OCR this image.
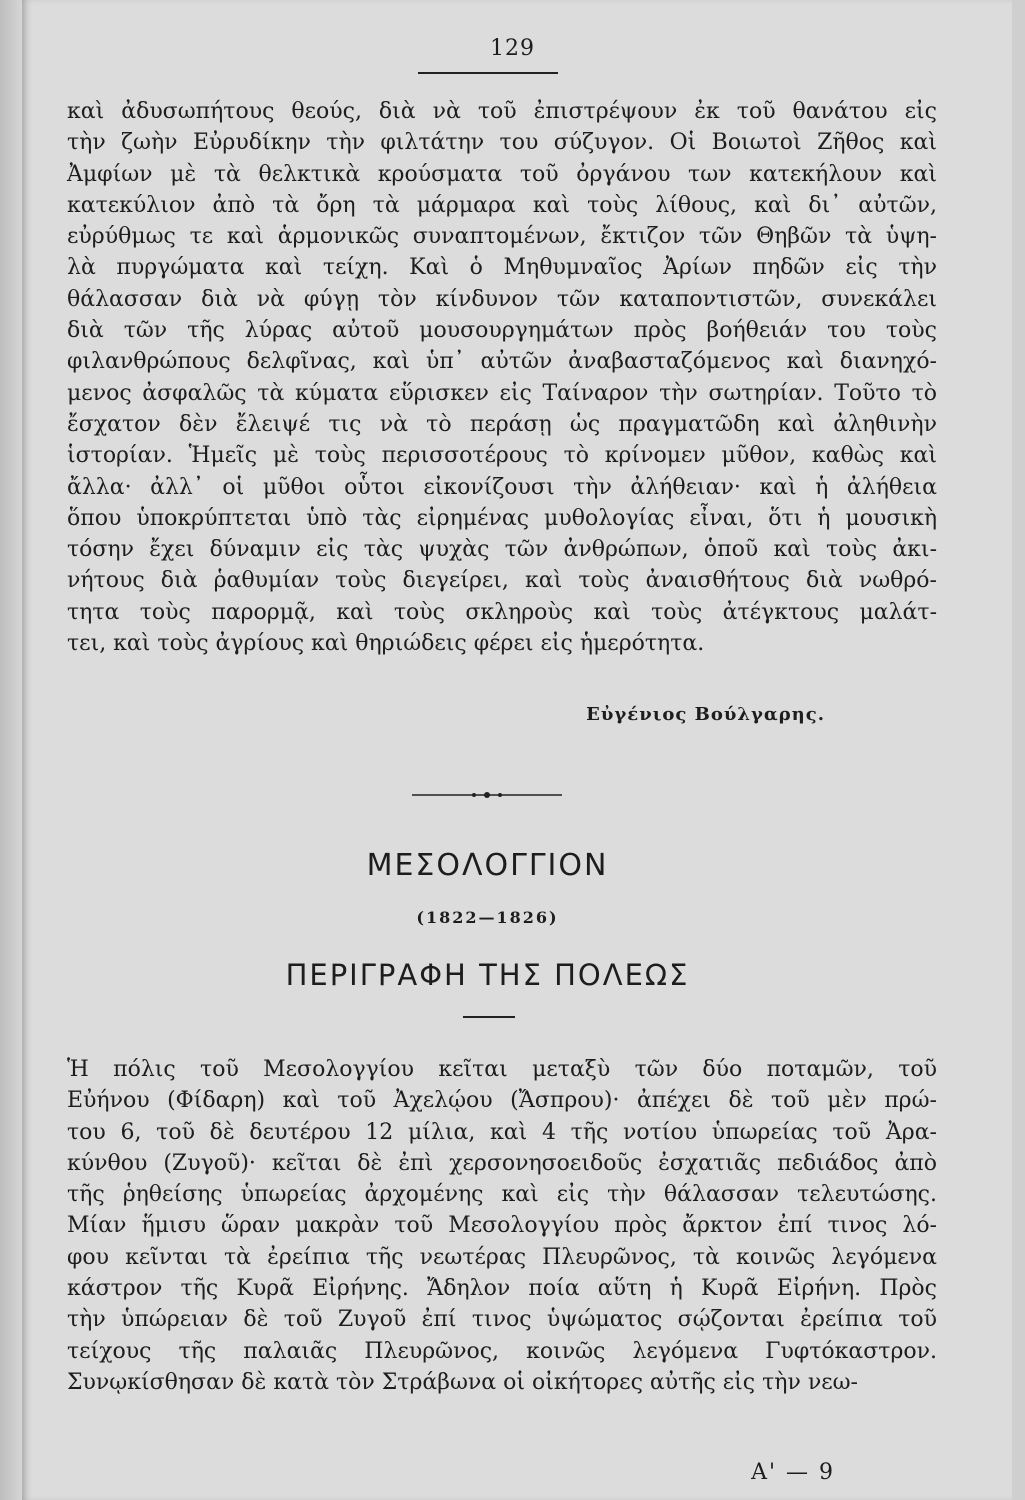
129
καὶ ἀδυσωπήτους θεούς, διὰ νὰ τοῦ ἐπιστρέψουν ἐκ τοῦ θανάτου εἰς
τὴν ζωὴν Εὐρυδίκην τὴν φιλτάτην του σύζυγον. Οἱ Βοιωτοὶ Ζῆθος καὶ
Ἀμφίων μὲ τὰ θελκτικὰ κρούσματα τοῦ ὀργάνου των κατεκήλουν καὶ
κατεκύλιον ἀπὸ τὰ ὄρη τὰ μάρμαρα καὶ τοὺς λίθους, καὶ δι᾽ αὐτῶν,
εὐρύθμως τε καὶ ἁρμονικῶς συναπτομένων, ἔκτιζον τῶν Θηβῶν τὰ ὑψη-
λὰ πυργώματα καὶ τείχη. Καὶ ὁ Μηθυμναῖος Ἀρίων πηδῶν εἰς τὴν
θάλασσαν διὰ νὰ φύγῃ τὸν κίνδυνον τῶν καταποντιστῶν, συνεκάλει
διὰ τῶν τῆς λύρας αὐτοῦ μουσουργημάτων πρὸς βοήθειάν του τοὺς
φιλανθρώπους δελφῖνας, καὶ ὑπ᾽ αὐτῶν ἀναβασταζόμενος καὶ διανηχό-
μενος ἀσφαλῶς τὰ κύματα εὕρισκεν εἰς Ταίναρον τὴν σωτηρίαν. Τοῦτο τὸ
ἔσχατον δὲν ἔλειψέ τις νὰ τὸ περάσῃ ὡς πραγματῶδη καὶ ἀληθινὴν
ἱστορίαν. Ἡμεῖς μὲ τοὺς περισσοτέρους τὸ κρίνομεν μῦθον, καθὼς καὶ
ἄλλα· ἀλλ᾽ οἱ μῦθοι οὗτοι εἰκονίζουσι τὴν ἀλήθειαν· καὶ ἡ ἀλήθεια
ὅπου ὑποκρύπτεται ὑπὸ τὰς εἰρημένας μυθολογίας εἶναι, ὅτι ἡ μουσικὴ
τόσην ἔχει δύναμιν εἰς τὰς ψυχὰς τῶν ἀνθρώπων, ὁποῦ καὶ τοὺς ἀκι-
νήτους διὰ ῥαθυμίαν τοὺς διεγείρει, καὶ τοὺς ἀναισθήτους διὰ νωθρό-
τητα τοὺς παρορμᾷ, καὶ τοὺς σκληροὺς καὶ τοὺς ἀτέγκτους μαλάτ-
τει, καὶ τοὺς ἀγρίους καὶ θηριώδεις φέρει εἰς ἡμερότητα.
Εὐγένιος Βούλγαρης.
ΜΕΣΟΛΟΓΓΙΟΝ
(1822—1826)
ΠΕΡΙΓΡΑΦΗ ΤΗΣ ΠΟΛΕΩΣ
Ἡ πόλις τοῦ Μεσολογγίου κεῖται μεταξὺ τῶν δύο ποταμῶν, τοῦ
Εὐήνου (Φίδαρη) καὶ τοῦ Ἀχελῴου (Ἄσπρου)· ἀπέχει δὲ τοῦ μὲν πρώ-
του 6, τοῦ δὲ δευτέρου 12 μίλια, καὶ 4 τῆς νοτίου ὑπωρείας τοῦ Ἀρα-
κύνθου (Ζυγοῦ)· κεῖται δὲ ἐπὶ χερσονησοειδοῦς ἐσχατιᾶς πεδιάδος ἀπὸ
τῆς ῥηθείσης ὑπωρείας ἀρχομένης καὶ εἰς τὴν θάλασσαν τελευτώσης.
Μίαν ἥμισυ ὥραν μακρὰν τοῦ Μεσολογγίου πρὸς ἄρκτον ἐπί τινος λό-
φου κεῖνται τὰ ἐρείπια τῆς νεωτέρας Πλευρῶνος, τὰ κοινῶς λεγόμενα
κάστρον τῆς Κυρᾶ Εἰρήνης. Ἄδηλον ποία αὕτη ἡ Κυρᾶ Εἰρήνη. Πρὸς
τὴν ὑπώρειαν δὲ τοῦ Ζυγοῦ ἐπί τινος ὑψώματος σῴζονται ἐρείπια τοῦ
τείχους τῆς παλαιᾶς Πλευρῶνος, κοινῶς λεγόμενα Γυφτόκαστρον.
Συνῳκίσθησαν δὲ κατὰ τὸν Στράβωνα οἱ οἰκήτορες αὐτῆς εἰς τὴν νεω-
Α' — 9
